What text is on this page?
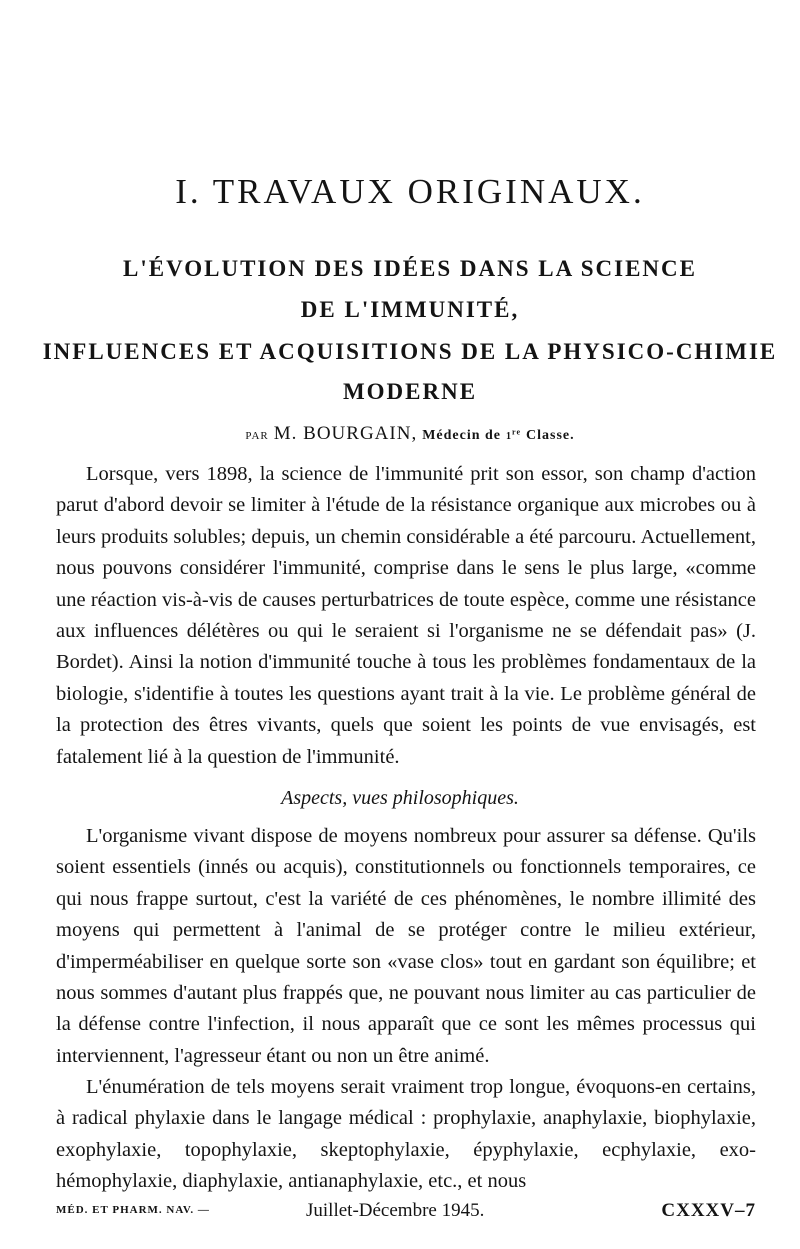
I. TRAVAUX ORIGINAUX.
L'ÉVOLUTION DES IDÉES DANS LA SCIENCE
DE L'IMMUNITÉ,
INFLUENCES ET ACQUISITIONS DE LA PHYSICO-CHIMIE
MODERNE
PAR M. BOURGAIN, Médecin de 1re Classe.
Lorsque, vers 1898, la science de l'immunité prit son essor, son champ d'action parut d'abord devoir se limiter à l'étude de la résistance organique aux microbes ou à leurs produits solubles; depuis, un chemin considérable a été parcouru. Actuellement, nous pouvons considérer l'immunité, comprise dans le sens le plus large, «comme une réaction vis-à-vis de causes perturbatrices de toute espèce, comme une résistance aux influences délétères ou qui le seraient si l'organisme ne se défendait pas» (J. Bordet). Ainsi la notion d'immunité touche à tous les problèmes fondamentaux de la biologie, s'identifie à toutes les questions ayant trait à la vie. Le problème général de la protection des êtres vivants, quels que soient les points de vue envisagés, est fatalement lié à la question de l'immunité.
Aspects, vues philosophiques.
L'organisme vivant dispose de moyens nombreux pour assurer sa défense. Qu'ils soient essentiels (innés ou acquis), constitutionnels ou fonctionnels temporaires, ce qui nous frappe surtout, c'est la variété de ces phénomènes, le nombre illimité des moyens qui permettent à l'animal de se protéger contre le milieu extérieur, d'imperméabiliser en quelque sorte son «vase clos» tout en gardant son équilibre; et nous sommes d'autant plus frappés que, ne pouvant nous limiter au cas particulier de la défense contre l'infection, il nous apparaît que ce sont les mêmes processus qui interviennent, l'agresseur étant ou non un être animé.
L'énumération de tels moyens serait vraiment trop longue, évoquons-en certains, à radical phylaxie dans le langage médical : prophylaxie, anaphylaxie, biophylaxie, exophylaxie, topophylaxie, skeptophylaxie, épyphylaxie, ecphylaxie, exo-hémophylaxie, diaphylaxie, antianaphylaxie, etc., et nous
MÉD. ET PHARM. NAV. —	Juillet-Décembre 1945.	CXXXV–7
